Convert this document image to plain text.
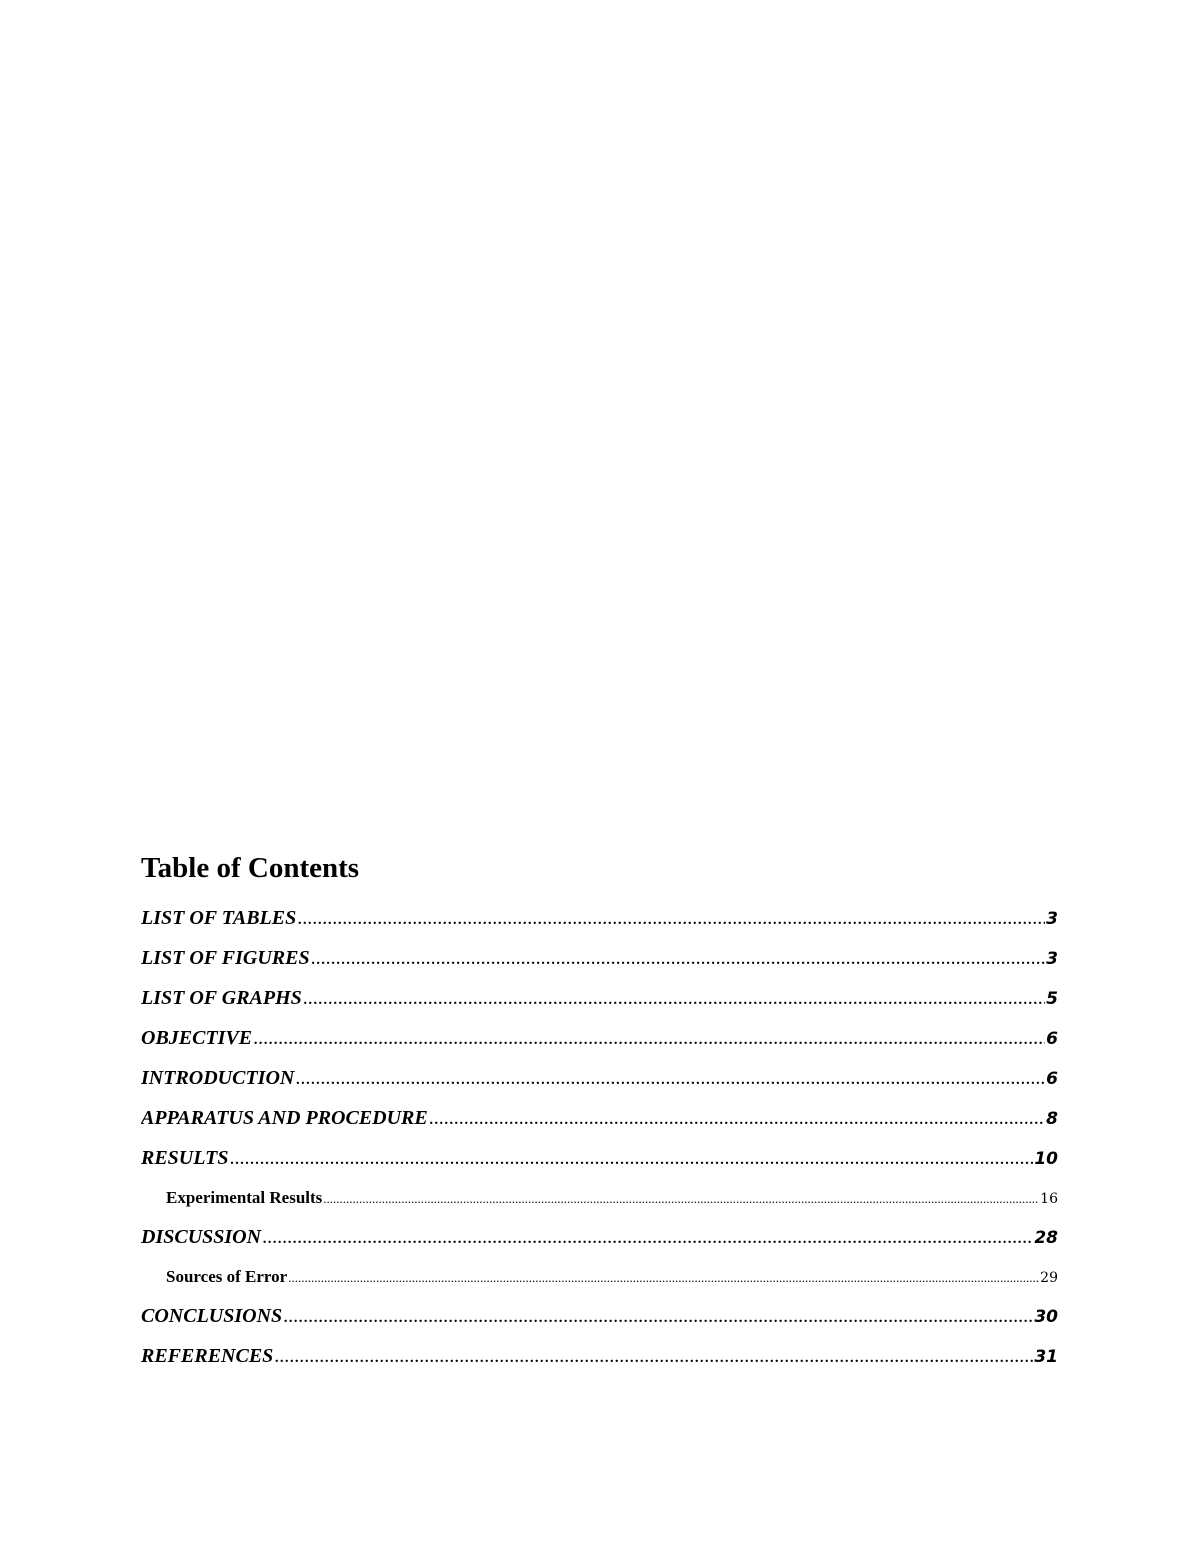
Table of Contents
LIST OF TABLES .....	3
LIST OF FIGURES .....	3
LIST OF GRAPHS .....	5
OBJECTIVE .....	6
INTRODUCTION .....	6
APPARATUS AND PROCEDURE .....	8
RESULTS .....	10
Experimental Results .....	16
DISCUSSION .....	28
Sources of Error .....	29
CONCLUSIONS .....	30
REFERENCES .....	31
